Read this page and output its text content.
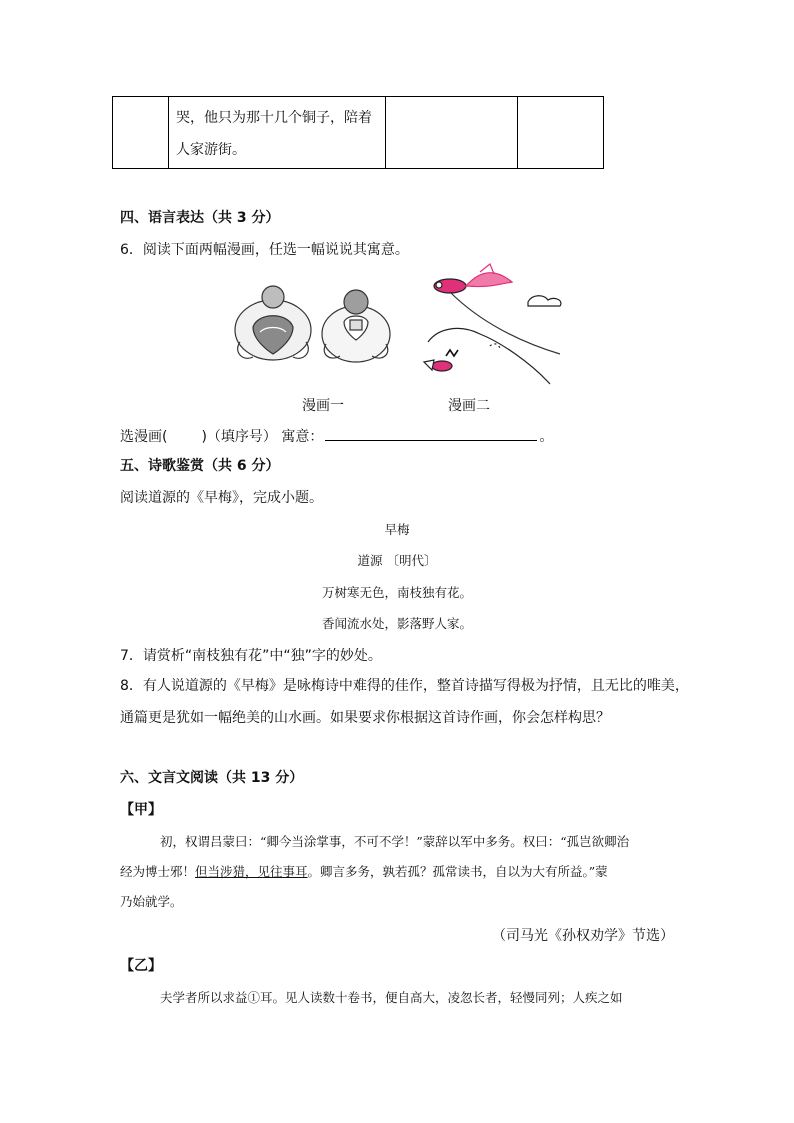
哭，他只为那十几个铜子，陪着
人家游街。
四、语言表达（共 3 分）
6．阅读下面两幅漫画，任选一幅说说其寓意。
漫画一	漫画二
选漫画( )（填序号） 寓意：	。
五、诗歌鉴赏（共 6 分）
阅读道源的《早梅》，完成小题。
早梅
道源 〔明代〕
万树寒无色，南枝独有花。
香闻流水处，影落野人家。
7．请赏析“南枝独有花”中“独”字的妙处。
8．有人说道源的《早梅》是咏梅诗中难得的佳作，整首诗描写得极为抒情，且无比的唯美，
通篇更是犹如一幅绝美的山水画。如果要求你根据这首诗作画，你会怎样构思？
六、文言文阅读（共 13 分）
【甲】
初，权谓吕蒙曰：“卿今当涂掌事，不可不学！”蒙辞以军中多务。权曰：“孤岂欲卿治
经为博士邪！但当涉猎，见往事耳。卿言多务，孰若孤？孤常读书，自以为大有所益。”蒙
乃始就学。
（司马光《孙权劝学》节选）
【乙】
夫学者所以求益①耳。见人读数十卷书，便自高大，凌忽长者，轻慢同列；人疾之如
